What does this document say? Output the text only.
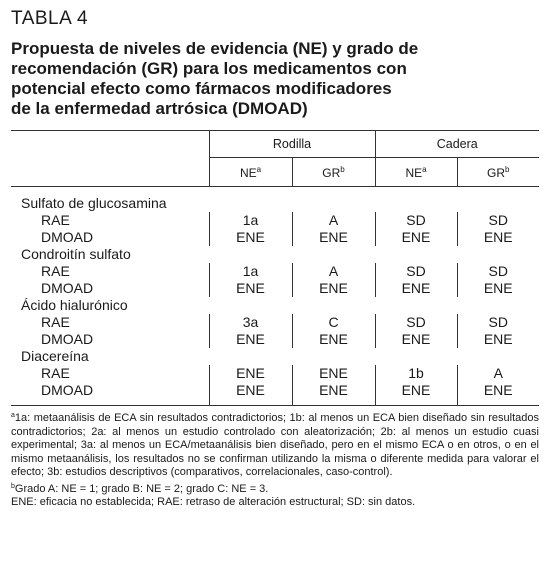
TABLA 4
Propuesta de niveles de evidencia (NE) y grado de
recomendación (GR) para los medicamentos con
potencial efecto como fármacos modificadores
de la enfermedad artrósica (DMOAD)
	Rodilla		Cadera	
	$NE^a$	$GR^b$	$NE^a$	$GR^b$
Sulfato de glucosamina				
RAE	1a	A	SD	SD
DMOAD	ENE	ENE	ENE	ENE
Condroitín sulfato				
RAE	1a	A	SD	SD
DMOAD	ENE	ENE	ENE	ENE
Ácido hialurónico				
RAE	3a	C	SD	SD
DMOAD	ENE	ENE	ENE	ENE
Diacereína				
RAE	ENE	ENE	1b	A
DMOAD	ENE	ENE	ENE	ENE

$^a$1a: metaanálisis de ECA sin resultados contradictorios; 1b: al menos un ECA bien diseñado sin resultados contradictorios; 2a: al menos un estudio controlado con aleatorización; 2b: al menos un estudio cuasi experimental; 3a: al menos un ECA/metaanálisis bien diseñado, pero en el mismo ECA o en otros, o en el mismo metaanálisis, los resultados no se confirman utilizando la misma o diferente medida para valorar el efecto; 3b: estudios descriptivos (comparativos, correlacionales, caso-control).

$^b$Grado A: NE = 1; grado B: NE = 2; grado C: NE = 3.

ENE: eficacia no establecida; RAE: retraso de alteración estructural; SD: sin datos.
